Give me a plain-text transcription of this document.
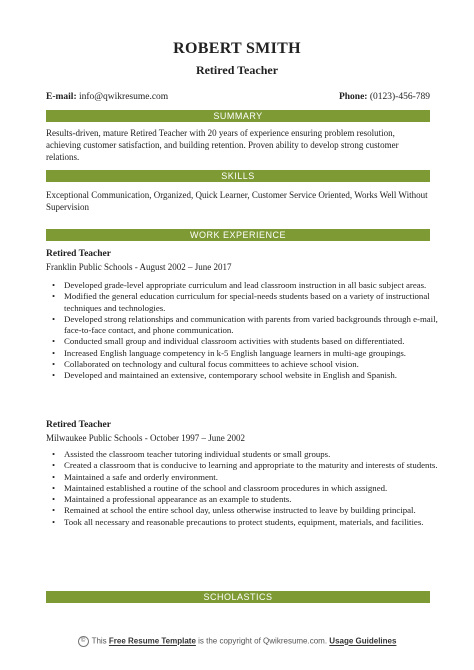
ROBERT SMITH
Retired Teacher
E-mail: info@qwikresume.com	Phone: (0123)-456-789
SUMMARY
Results-driven, mature Retired Teacher with 20 years of experience ensuring problem resolution, achieving customer satisfaction, and building retention. Proven ability to develop strong customer relations.
SKILLS
Exceptional Communication, Organized, Quick Learner, Customer Service Oriented, Works Well Without Supervision
WORK EXPERIENCE
Retired Teacher
Franklin Public Schools - August 2002 – June 2017
• Developed grade-level appropriate curriculum and lead classroom instruction in all basic subject areas.
• Modified the general education curriculum for special-needs students based on a variety of instructional techniques and technologies.
• Developed strong relationships and communication with parents from varied backgrounds through e-mail, face-to-face contact, and phone communication.
• Conducted small group and individual classroom activities with students based on differentiated.
• Increased English language competency in k-5 English language learners in multi-age groupings.
• Collaborated on technology and cultural focus committees to achieve school vision.
• Developed and maintained an extensive, contemporary school website in English and Spanish.
Retired Teacher
Milwaukee Public Schools - October 1997 – June 2002
• Assisted the classroom teacher tutoring individual students or small groups.
• Created a classroom that is conducive to learning and appropriate to the maturity and interests of students.
• Maintained a safe and orderly environment.
• Maintained established a routine of the school and classroom procedures in which assigned.
• Maintained a professional appearance as an example to students.
• Remained at school the entire school day, unless otherwise instructed to leave by building principal.
• Took all necessary and reasonable precautions to protect students, equipment, materials, and facilities.
SCHOLASTICS
© This Free Resume Template is the copyright of Qwikresume.com. Usage Guidelines
